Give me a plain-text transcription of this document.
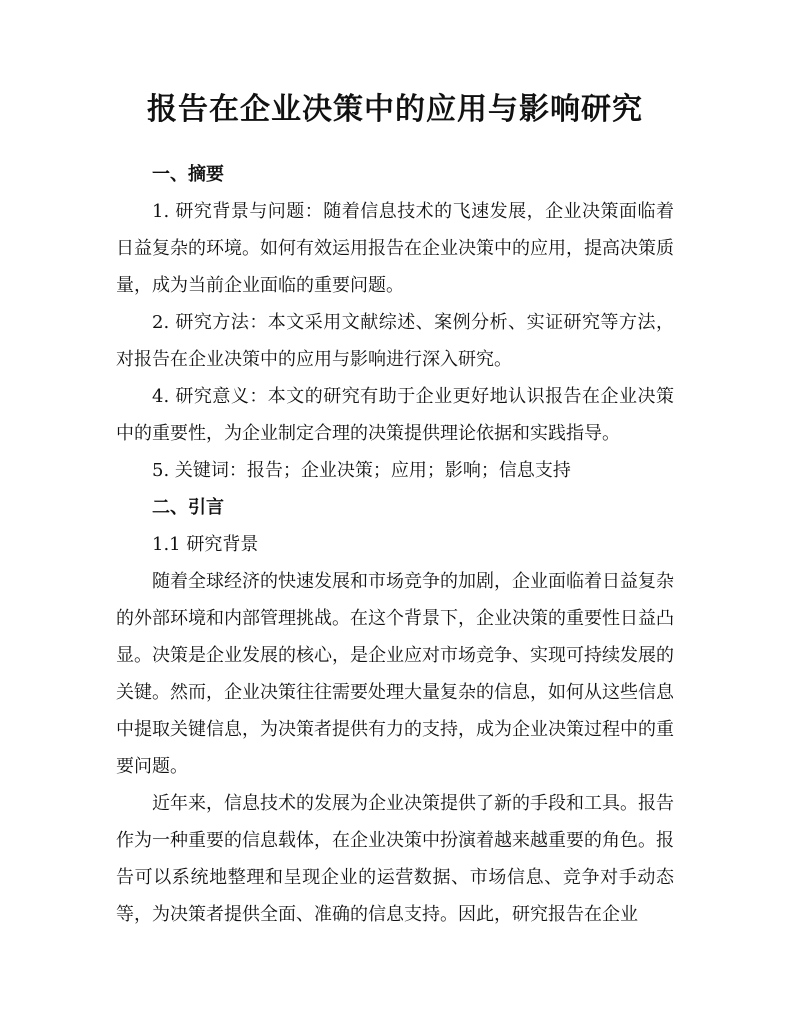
报告在企业决策中的应用与影响研究

一、摘要

1. 研究背景与问题：随着信息技术的飞速发展，企业决策面临着日益复杂的环境。如何有效运用报告在企业决策中的应用，提高决策质量，成为当前企业面临的重要问题。

2. 研究方法：本文采用文献综述、案例分析、实证研究等方法，对报告在企业决策中的应用与影响进行深入研究。

4. 研究意义：本文的研究有助于企业更好地认识报告在企业决策中的重要性，为企业制定合理的决策提供理论依据和实践指导。

5. 关键词：报告；企业决策；应用；影响；信息支持

二、引言

1.1 研究背景

随着全球经济的快速发展和市场竞争的加剧，企业面临着日益复杂的外部环境和内部管理挑战。在这个背景下，企业决策的重要性日益凸显。决策是企业发展的核心，是企业应对市场竞争、实现可持续发展的关键。然而，企业决策往往需要处理大量复杂的信息，如何从这些信息中提取关键信息，为决策者提供有力的支持，成为企业决策过程中的重要问题。

近年来，信息技术的发展为企业决策提供了新的手段和工具。报告作为一种重要的信息载体，在企业决策中扮演着越来越重要的角色。报告可以系统地整理和呈现企业的运营数据、市场信息、竞争对手动态等，为决策者提供全面、准确的信息支持。因此，研究报告在企业
